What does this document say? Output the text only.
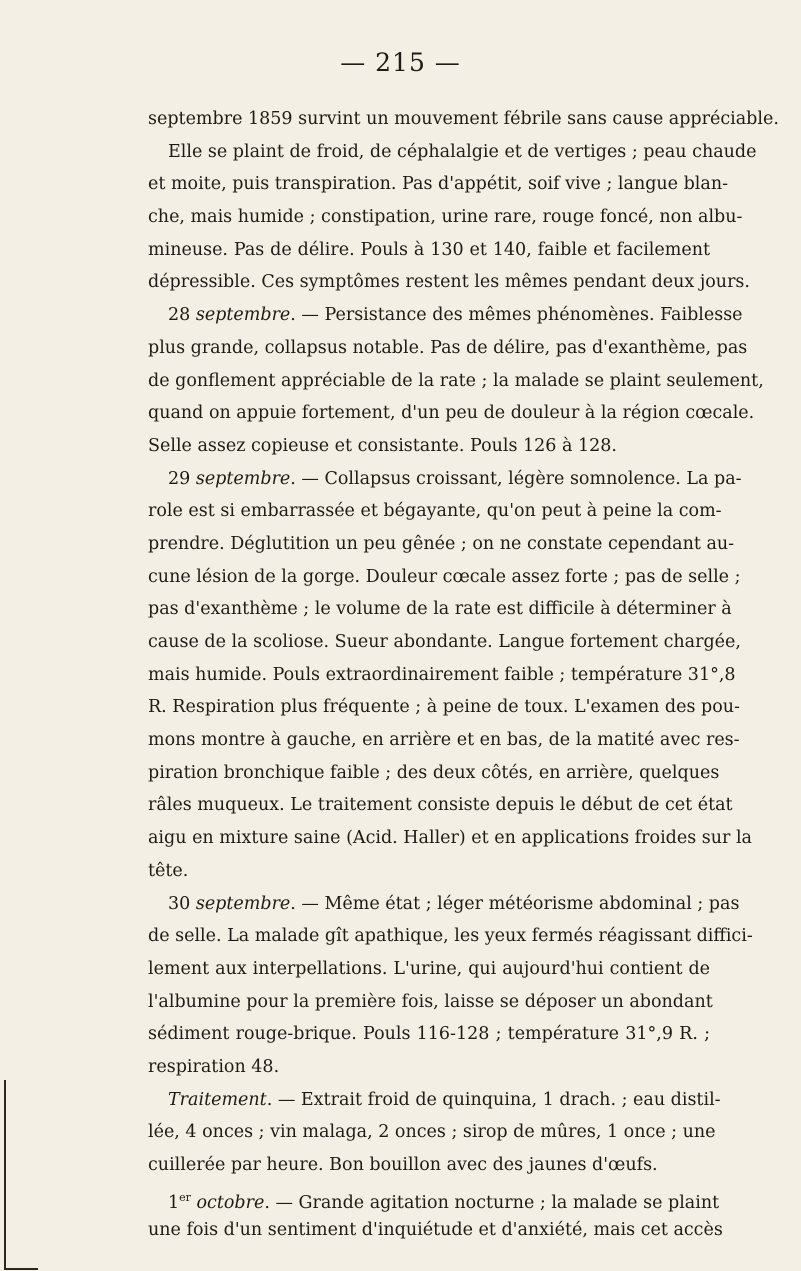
— 215 —

septembre 1859 survint un mouvement fébrile sans cause appréciable.

Elle se plaint de froid, de céphalalgie et de vertiges ; peau chaude

et moite, puis transpiration. Pas d'appétit, soif vive ; langue blan-

che, mais humide ; constipation, urine rare, rouge foncé, non albu-

mineuse. Pas de délire. Pouls à 130 et 140, faible et facilement

dépressible. Ces symptômes restent les mêmes pendant deux jours.

28 septembre. — Persistance des mêmes phénomènes. Faiblesse

plus grande, collapsus notable. Pas de délire, pas d'exanthème, pas

de gonflement appréciable de la rate ; la malade se plaint seulement,

quand on appuie fortement, d'un peu de douleur à la région cœcale.

Selle assez copieuse et consistante. Pouls 126 à 128.

29 septembre. — Collapsus croissant, légère somnolence. La pa-

role est si embarrassée et bégayante, qu'on peut à peine la com-

prendre. Déglutition un peu gênée ; on ne constate cependant au-

cune lésion de la gorge. Douleur cœcale assez forte ; pas de selle ;

pas d'exanthème ; le volume de la rate est difficile à déterminer à

cause de la scoliose. Sueur abondante. Langue fortement chargée,

mais humide. Pouls extraordinairement faible ; température 31°,8

R. Respiration plus fréquente ; à peine de toux. L'examen des pou-

mons montre à gauche, en arrière et en bas, de la matité avec res-

piration bronchique faible ; des deux côtés, en arrière, quelques

râles muqueux. Le traitement consiste depuis le début de cet état

aigu en mixture saine (Acid. Haller) et en applications froides sur la

tête.

30 septembre. — Même état ; léger météorisme abdominal ; pas

de selle. La malade gît apathique, les yeux fermés réagissant diffici-

lement aux interpellations. L'urine, qui aujourd'hui contient de

l'albumine pour la première fois, laisse se déposer un abondant

sédiment rouge-brique. Pouls 116-128 ; température 31°,9 R. ;

respiration 48.

Traitement. — Extrait froid de quinquina, 1 drach. ; eau distil-

lée, 4 onces ; vin malaga, 2 onces ; sirop de mûres, 1 once ; une

cuillerée par heure. Bon bouillon avec des jaunes d'œufs.

1er octobre. — Grande agitation nocturne ; la malade se plaint

une fois d'un sentiment d'inquiétude et d'anxiété, mais cet accès
